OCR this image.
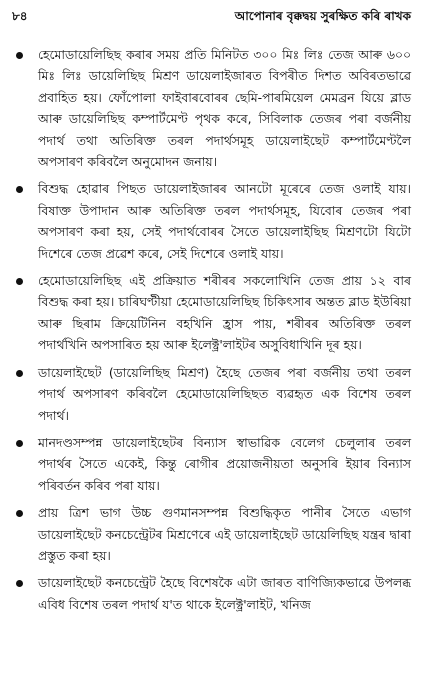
৮৪	আপোনাৰ বৃক্কদ্বয় সুৰক্ষিত কৰি ৰাখক
হেমোডায়েলিছিছ কৰাৰ সময় প্ৰতি মিনিটত ৩০০ মিঃ লিঃ তেজ আৰু ৬০০ মিঃ লিঃ ডায়েলিছিছ মিশ্ৰণ ডায়েলাইজাৰত বিপৰীত দিশত অবিৰতভাৱে প্ৰবাহিত হয়। ফোঁপোলা ফাইবাৰবোৰৰ ছেমি-পাৰমিয়েল মেমব্ৰন যিয়ে ব্লাড আৰু ডায়েলিছিছ কম্পাৰ্টমেণ্ট পৃথক কৰে, সিবিলাক তেজৰ পৰা বৰ্জনীয় পদাৰ্থ তথা অতিৰিক্ত তৰল পদাৰ্থসমূহ ডায়েলাইছেট কম্পাৰ্টমেণ্টলৈ অপসাৰণ কৰিবলৈ অনুমোদন জনায়।
বিশুদ্ধ হোৱাৰ পিছত ডায়েলাইজাৰৰ আনটো মূৰেৰে তেজ ওলাই যায়। বিষাক্ত উপাদান আৰু অতিৰিক্ত তৰল পদাৰ্থসমূহ, যিবোৰ তেজৰ পৰা অপসাৰণ কৰা হয়, সেই পদাৰ্থবোৰৰ সৈতে ডায়েলাইছিছ মিশ্ৰণটো যিটো দিশেৰে তেজ প্ৰৱেশ কৰে, সেই দিশেৰে ওলাই যায়।
হেমোডায়েলিছিছ এই প্ৰক্ৰিয়াত শৰীৰৰ সকলোখিনি তেজ প্ৰায় ১২ বাৰ বিশুদ্ধ কৰা হয়। চাৰিঘণ্টীয়া হেমোডায়েলিছিছ চিকিৎসাৰ অন্তত ব্লাড ইউৰিয়া আৰু ছিৰাম ক্ৰিয়েটিনিন বহখিনি হ্ৰাস পায়, শৰীৰৰ অতিৰিক্ত তৰল পদাৰ্থখিনি অপসাৰিত হয় আৰু ইলেক্ট্ৰ'লাইটৰ অসুবিধাখিনি দূৰ হয়।
ডায়েলাইছেট (ডায়েলিছিছ মিশ্ৰণ) হৈছে তেজৰ পৰা বৰ্জনীয় তথা তৰল পদাৰ্থ অপসাৰণ কৰিবলৈ হেমোডায়েলিছিছত ব্যৱহৃত এক বিশেষ তৰল পদাৰ্থ।
মানদণ্ডসম্পন্ন ডায়েলাইছেটৰ বিন্যাস স্বাভাৱিক বেলেগ চেলুলাৰ তৰল পদাৰ্থৰ সৈতে একেই, কিন্তু ৰোগীৰ প্ৰয়োজনীয়তা অনুসৰি ইয়াৰ বিন্যাস পৰিবৰ্তন কৰিব পৰা যায়।
প্ৰায় ত্ৰিশ ভাগ উচ্চ গুণমানসম্পন্ন বিশুদ্ধিকৃত পানীৰ সৈতে এভাগ ডায়েলাইছেট কনচেন্ট্ৰেটৰ মিশ্ৰণেৰে এই ডায়েলাইছেট ডায়েলিছিছ যন্ত্ৰৰ দ্বাৰা প্ৰস্তুত কৰা হয়।
ডায়েলাইছেট কনচেন্ট্ৰেট হৈছে বিশেষকৈ এটা জাৰত বাণিজ্যিকভাৱে উপলব্ধ এবিধ বিশেষ তৰল পদাৰ্থ য'ত থাকে ইলেক্ট্ৰ'লাইট, খনিজ
